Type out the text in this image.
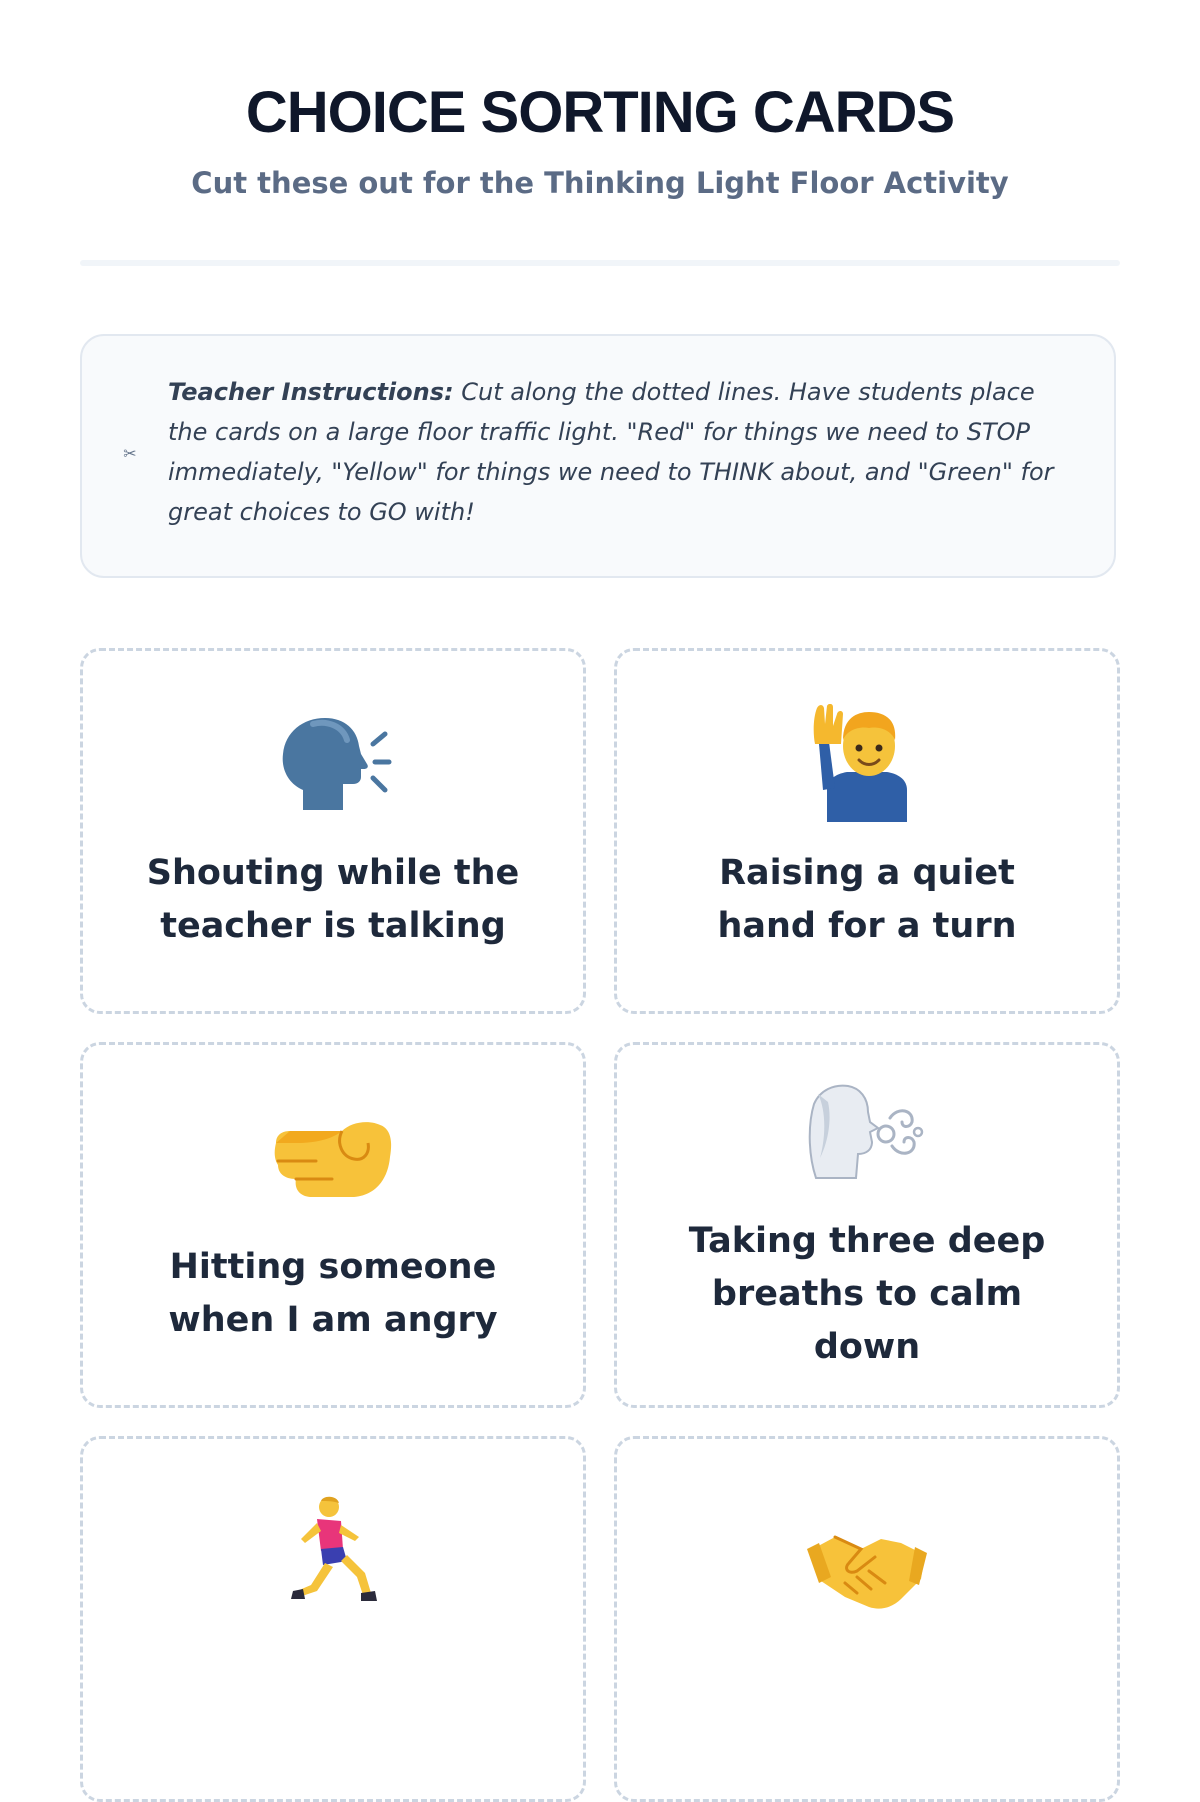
CHOICE SORTING CARDS
Cut these out for the Thinking Light Floor Activity
✂
Teacher Instructions: Cut along the dotted lines. Have students place the cards on a large floor traffic light. "Red" for things we need to STOP immediately, "Yellow" for things we need to THINK about, and "Green" for great choices to GO with!
Shouting while the teacher is talking
Raising a quiet hand for a turn
Hitting someone when I am angry
Taking three deep breaths to calm down
